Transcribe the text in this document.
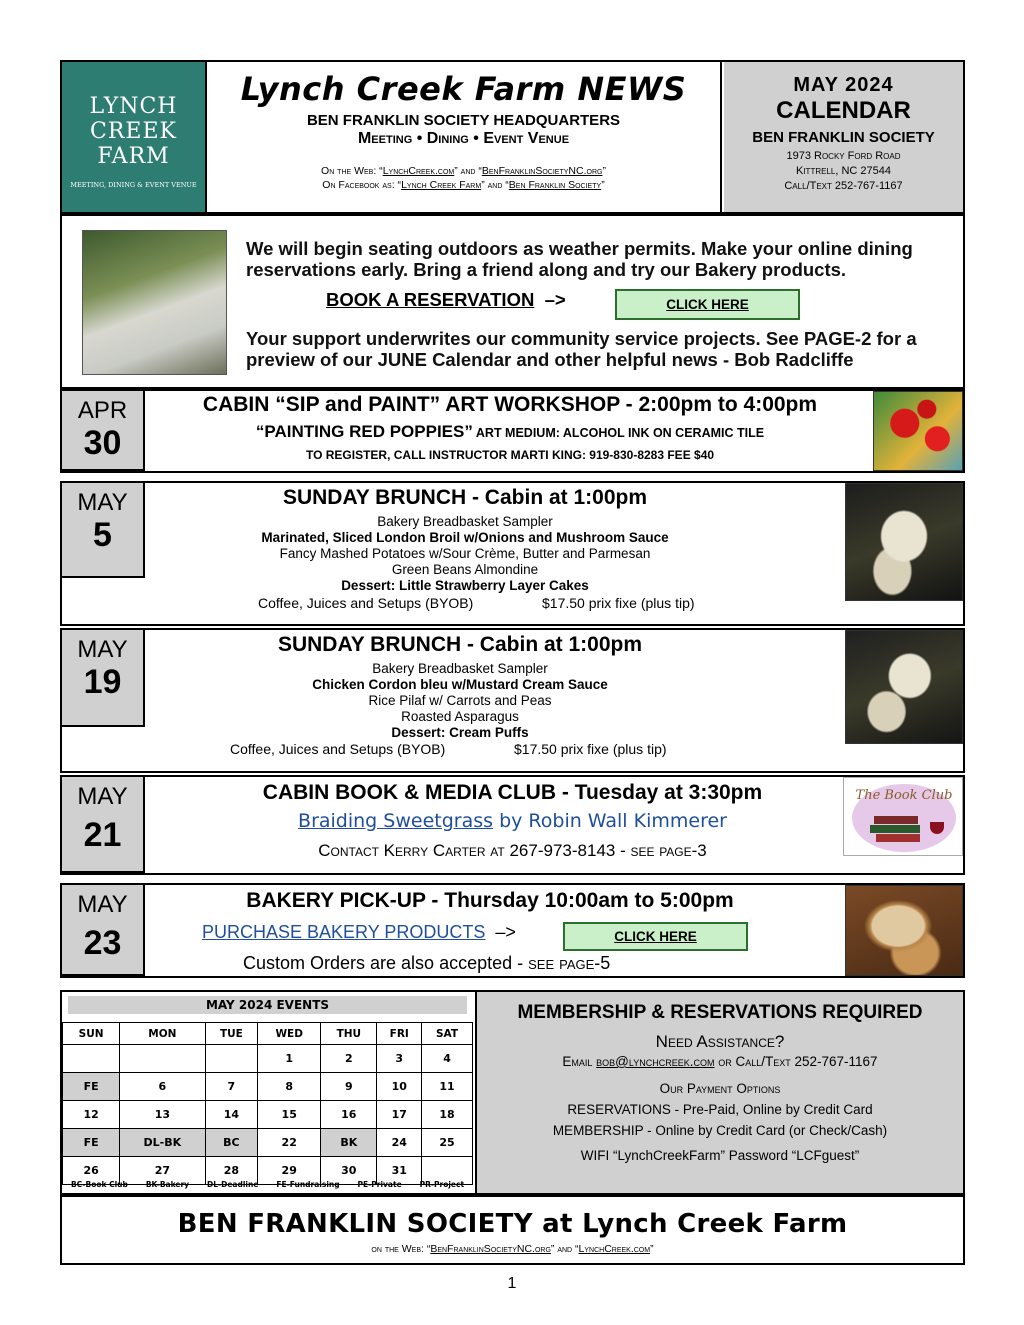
LYNCH
CREEK
FARM
MEETING, DINING & EVENT VENUE
Lynch Creek Farm NEWS
BEN FRANKLIN SOCIETY HEADQUARTERS
Meeting • Dining • Event Venue
On the Web: “LynchCreek.com” and “BenFranklinSocietyNC.org”
On Facebook as: “Lynch Creek Farm” and “Ben Franklin Society”
MAY 2024
CALENDAR
BEN FRANKLIN SOCIETY
1973 Rocky Ford Road
Kittrell, NC 27544
Call/Text 252-767-1167
We will begin seating outdoors as weather permits. Make your online dining reservations early. Bring a friend along and try our Bakery products.
BOOK A RESERVATION –>	CLICK HERE
Your support underwrites our community service projects. See PAGE-2 for a preview of our JUNE Calendar and other helpful news - Bob Radcliffe
APR
30
CABIN “SIP and PAINT” ART WORKSHOP - 2:00pm to 4:00pm
“PAINTING RED POPPIES” ART MEDIUM: ALCOHOL INK ON CERAMIC TILE
TO REGISTER, CALL INSTRUCTOR MARTI KING: 919-830-8283 FEE $40
MAY
5
SUNDAY BRUNCH - Cabin at 1:00pm
Bakery Breadbasket Sampler
Marinated, Sliced London Broil w/Onions and Mushroom Sauce
Fancy Mashed Potatoes w/Sour Crème, Butter and Parmesan
Green Beans Almondine
Dessert: Little Strawberry Layer Cakes
Coffee, Juices and Setups (BYOB)	$17.50 prix fixe (plus tip)
MAY
19
SUNDAY BRUNCH - Cabin at 1:00pm
Bakery Breadbasket Sampler
Chicken Cordon bleu w/Mustard Cream Sauce
Rice Pilaf w/ Carrots and Peas
Roasted Asparagus
Dessert: Cream Puffs
Coffee, Juices and Setups (BYOB)	$17.50 prix fixe (plus tip)
MAY
21
CABIN BOOK & MEDIA CLUB - Tuesday at 3:30pm
Braiding Sweetgrass by Robin Wall Kimmerer
Contact Kerry Carter at 267-973-8143 - see page-3
The Book Club
MAY
23
BAKERY PICK-UP - Thursday 10:00am to 5:00pm
PURCHASE BAKERY PRODUCTS –>	CLICK HERE
Custom Orders are also accepted - see page-5
MAY 2024 EVENTS
SUN	MON	TUE	WED	THU	FRI	SAT
			1	2	3	4
FE	6	7	8	9	10	11
12	13	14	15	16	17	18
FE	DL-BK	BC	22	BK	24	25
26	27	28	29	30	31	
BC-Book Club BK-Bakery DL-Deadline FE-Fundraising PE-Private PR-Project
MEMBERSHIP & RESERVATIONS REQUIRED
Need Assistance?
Email bob@lynchcreek.com or Call/Text 252-767-1167
Our Payment Options
RESERVATIONS - Pre-Paid, Online by Credit Card
MEMBERSHIP - Online by Credit Card (or Check/Cash)
WIFI “LynchCreekFarm” Password “LCFguest”
BEN FRANKLIN SOCIETY at Lynch Creek Farm
on the Web: “BenFranklinSocietyNC.org” and “LynchCreek.com”
1
